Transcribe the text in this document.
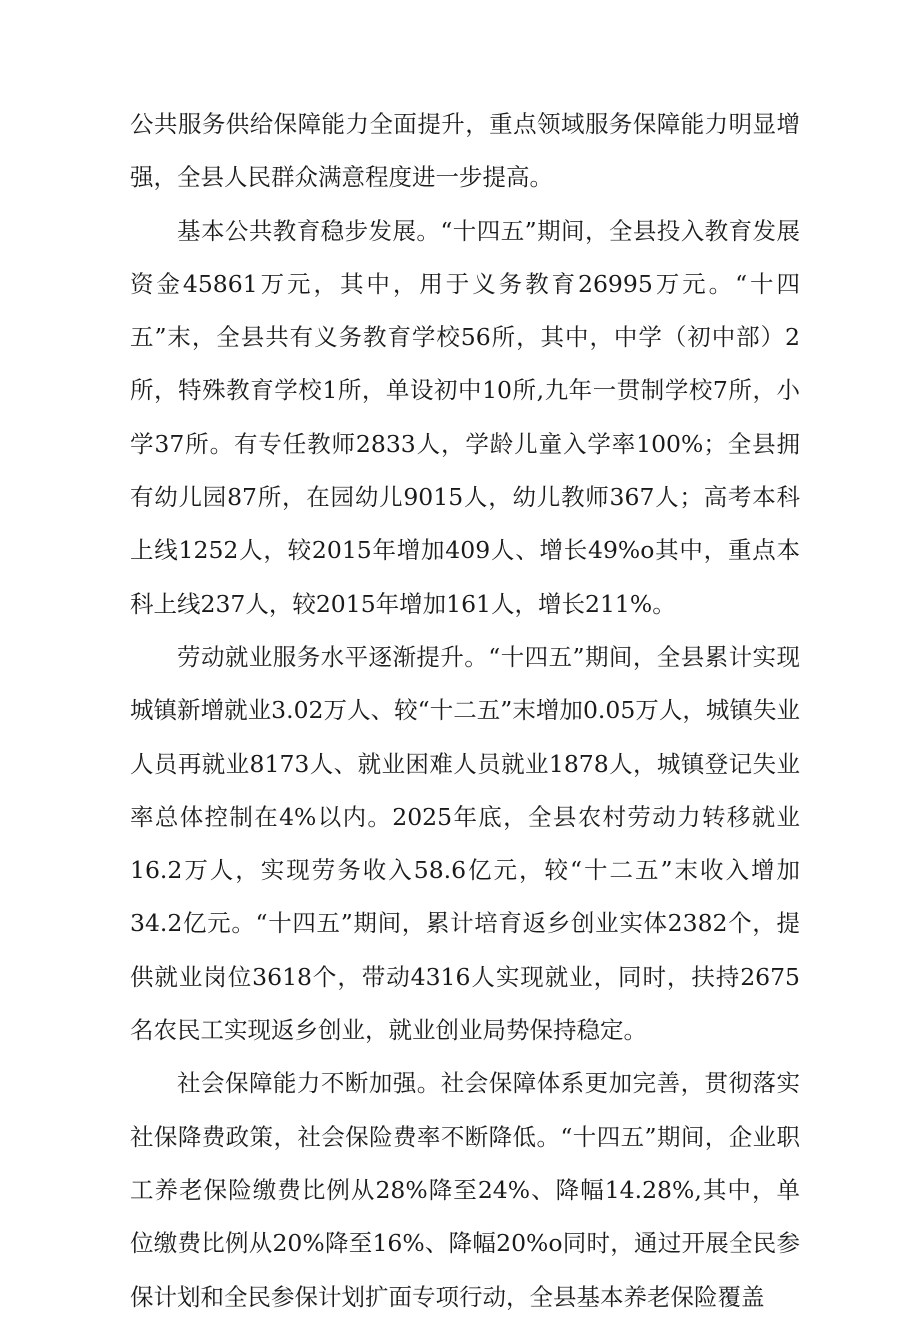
公共服务供给保障能力全面提升，重点领域服务保障能力明显增强，全县人民群众满意程度进一步提高。

基本公共教育稳步发展。“十四五”期间，全县投入教育发展资金45861万元，其中，用于义务教育26995万元。“十四五”末，全县共有义务教育学校56所，其中，中学（初中部）2所，特殊教育学校1所，单设初中10所,九年一贯制学校7所，小学37所。有专任教师2833人，学龄儿童入学率100%；全县拥有幼儿园87所，在园幼儿9015人，幼儿教师367人；高考本科上线1252人，较2015年增加409人、增长49%o其中，重点本科上线237人，较2015年增加161人，增长211%。

劳动就业服务水平逐渐提升。“十四五”期间，全县累计实现城镇新增就业3.02万人、较“十二五”末增加0.05万人，城镇失业人员再就业8173人、就业困难人员就业1878人，城镇登记失业率总体控制在4%以内。2025年底，全县农村劳动力转移就业16.2万人，实现劳务收入58.6亿元，较“十二五”末收入增加34.2亿元。“十四五”期间，累计培育返乡创业实体2382个，提供就业岗位3618个，带动4316人实现就业，同时，扶持2675名农民工实现返乡创业，就业创业局势保持稳定。

社会保障能力不断加强。社会保障体系更加完善，贯彻落实社保降费政策，社会保险费率不断降低。“十四五”期间，企业职工养老保险缴费比例从28%降至24%、降幅14.28%,其中，单位缴费比例从20%降至16%、降幅20%o同时，通过开展全民参保计划和全民参保计划扩面专项行动，全县基本养老保险覆盖
